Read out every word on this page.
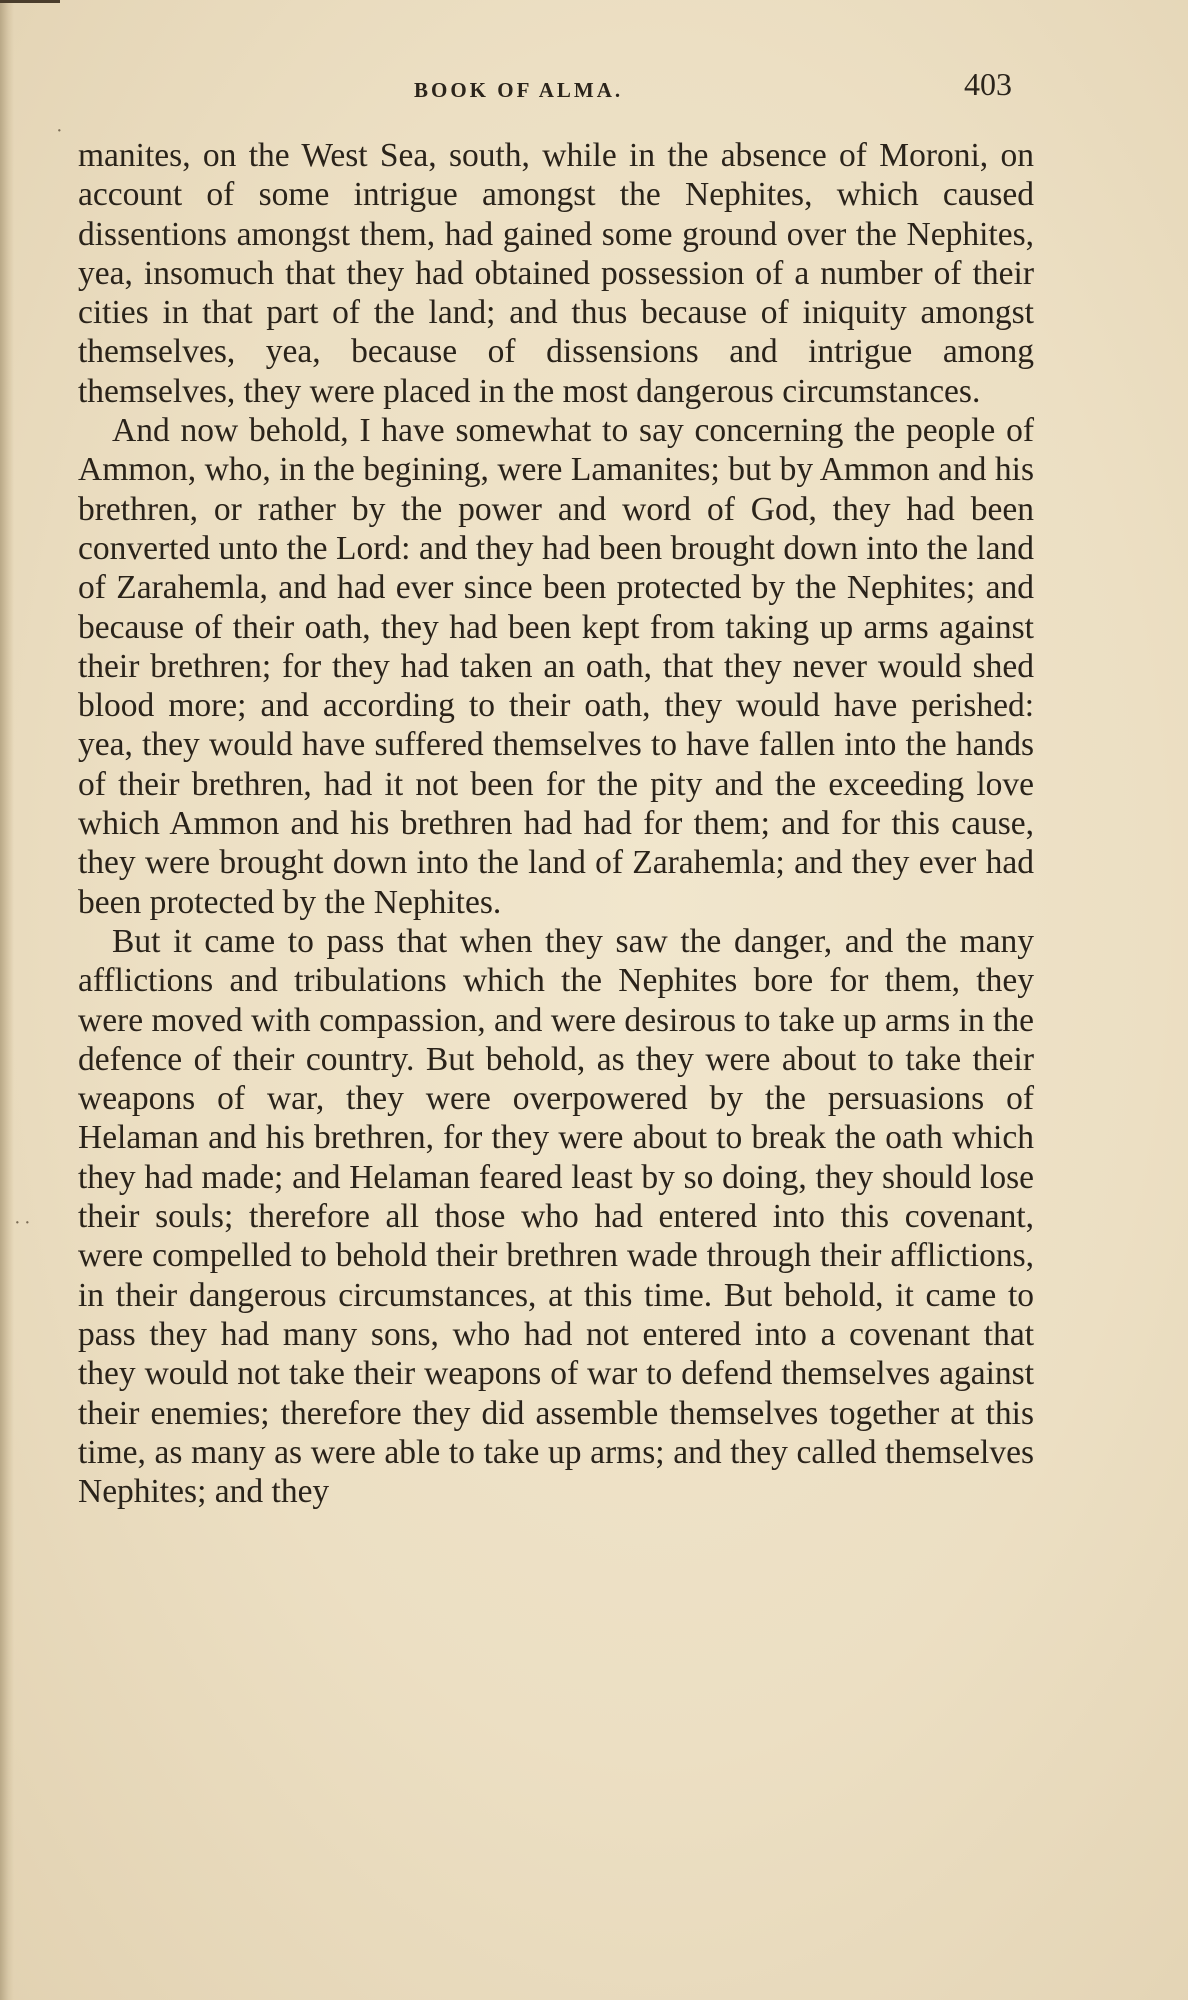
BOOK OF ALMA.	403

manites, on the West Sea, south, while in the absence of Moroni, on account of some intrigue amongst the Nephites, which caused dissentions amongst them, had gained some ground over the Nephites, yea, insomuch that they had obtained possession of a number of their cities in that part of the land; and thus because of iniquity amongst themselves, yea, because of dissensions and intrigue among themselves, they were placed in the most dangerous circumstances.

And now behold, I have somewhat to say concerning the people of Ammon, who, in the begining, were Lamanites; but by Ammon and his brethren, or rather by the power and word of God, they had been converted unto the Lord: and they had been brought down into the land of Zarahemla, and had ever since been protected by the Nephites; and because of their oath, they had been kept from taking up arms against their brethren; for they had taken an oath, that they never would shed blood more; and according to their oath, they would have perished: yea, they would have suffered themselves to have fallen into the hands of their brethren, had it not been for the pity and the exceeding love which Ammon and his brethren had had for them; and for this cause, they were brought down into the land of Zarahemla; and they ever had been protected by the Nephites.

But it came to pass that when they saw the danger, and the many afflictions and tribulations which the Nephites bore for them, they were moved with compassion, and were desirous to take up arms in the defence of their country. But behold, as they were about to take their weapons of war, they were overpowered by the persuasions of Helaman and his brethren, for they were about to break the oath which they had made; and Helaman feared least by so doing, they should lose their souls; therefore all those who had entered into this covenant, were compelled to behold their brethren wade through their afflictions, in their dangerous circumstances, at this time. But behold, it came to pass they had many sons, who had not entered into a covenant that they would not take their weapons of war to defend themselves against their enemies; therefore they did assemble themselves together at this time, as many as were able to take up arms; and they called themselves Nephites; and they

·
· ·
